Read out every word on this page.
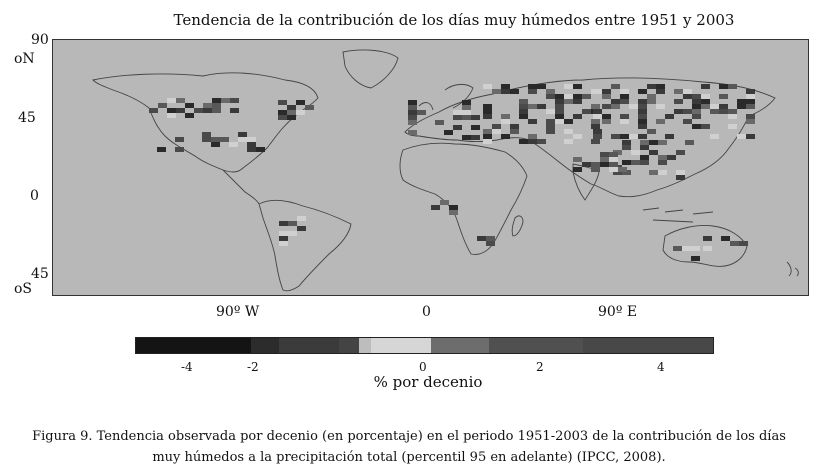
Tendencia de la contribución de los días muy húmedos entre 1951 y 2003
90
oN
45
0
45
oS
90º W	0	90º E
-4	-2	0	2	4
% por decenio
Figura 9. Tendencia observada por decenio (en porcentaje) en el periodo 1951-2003 de la contribución de los días
muy húmedos a la precipitación total (percentil 95 en adelante) (IPCC, 2008).
